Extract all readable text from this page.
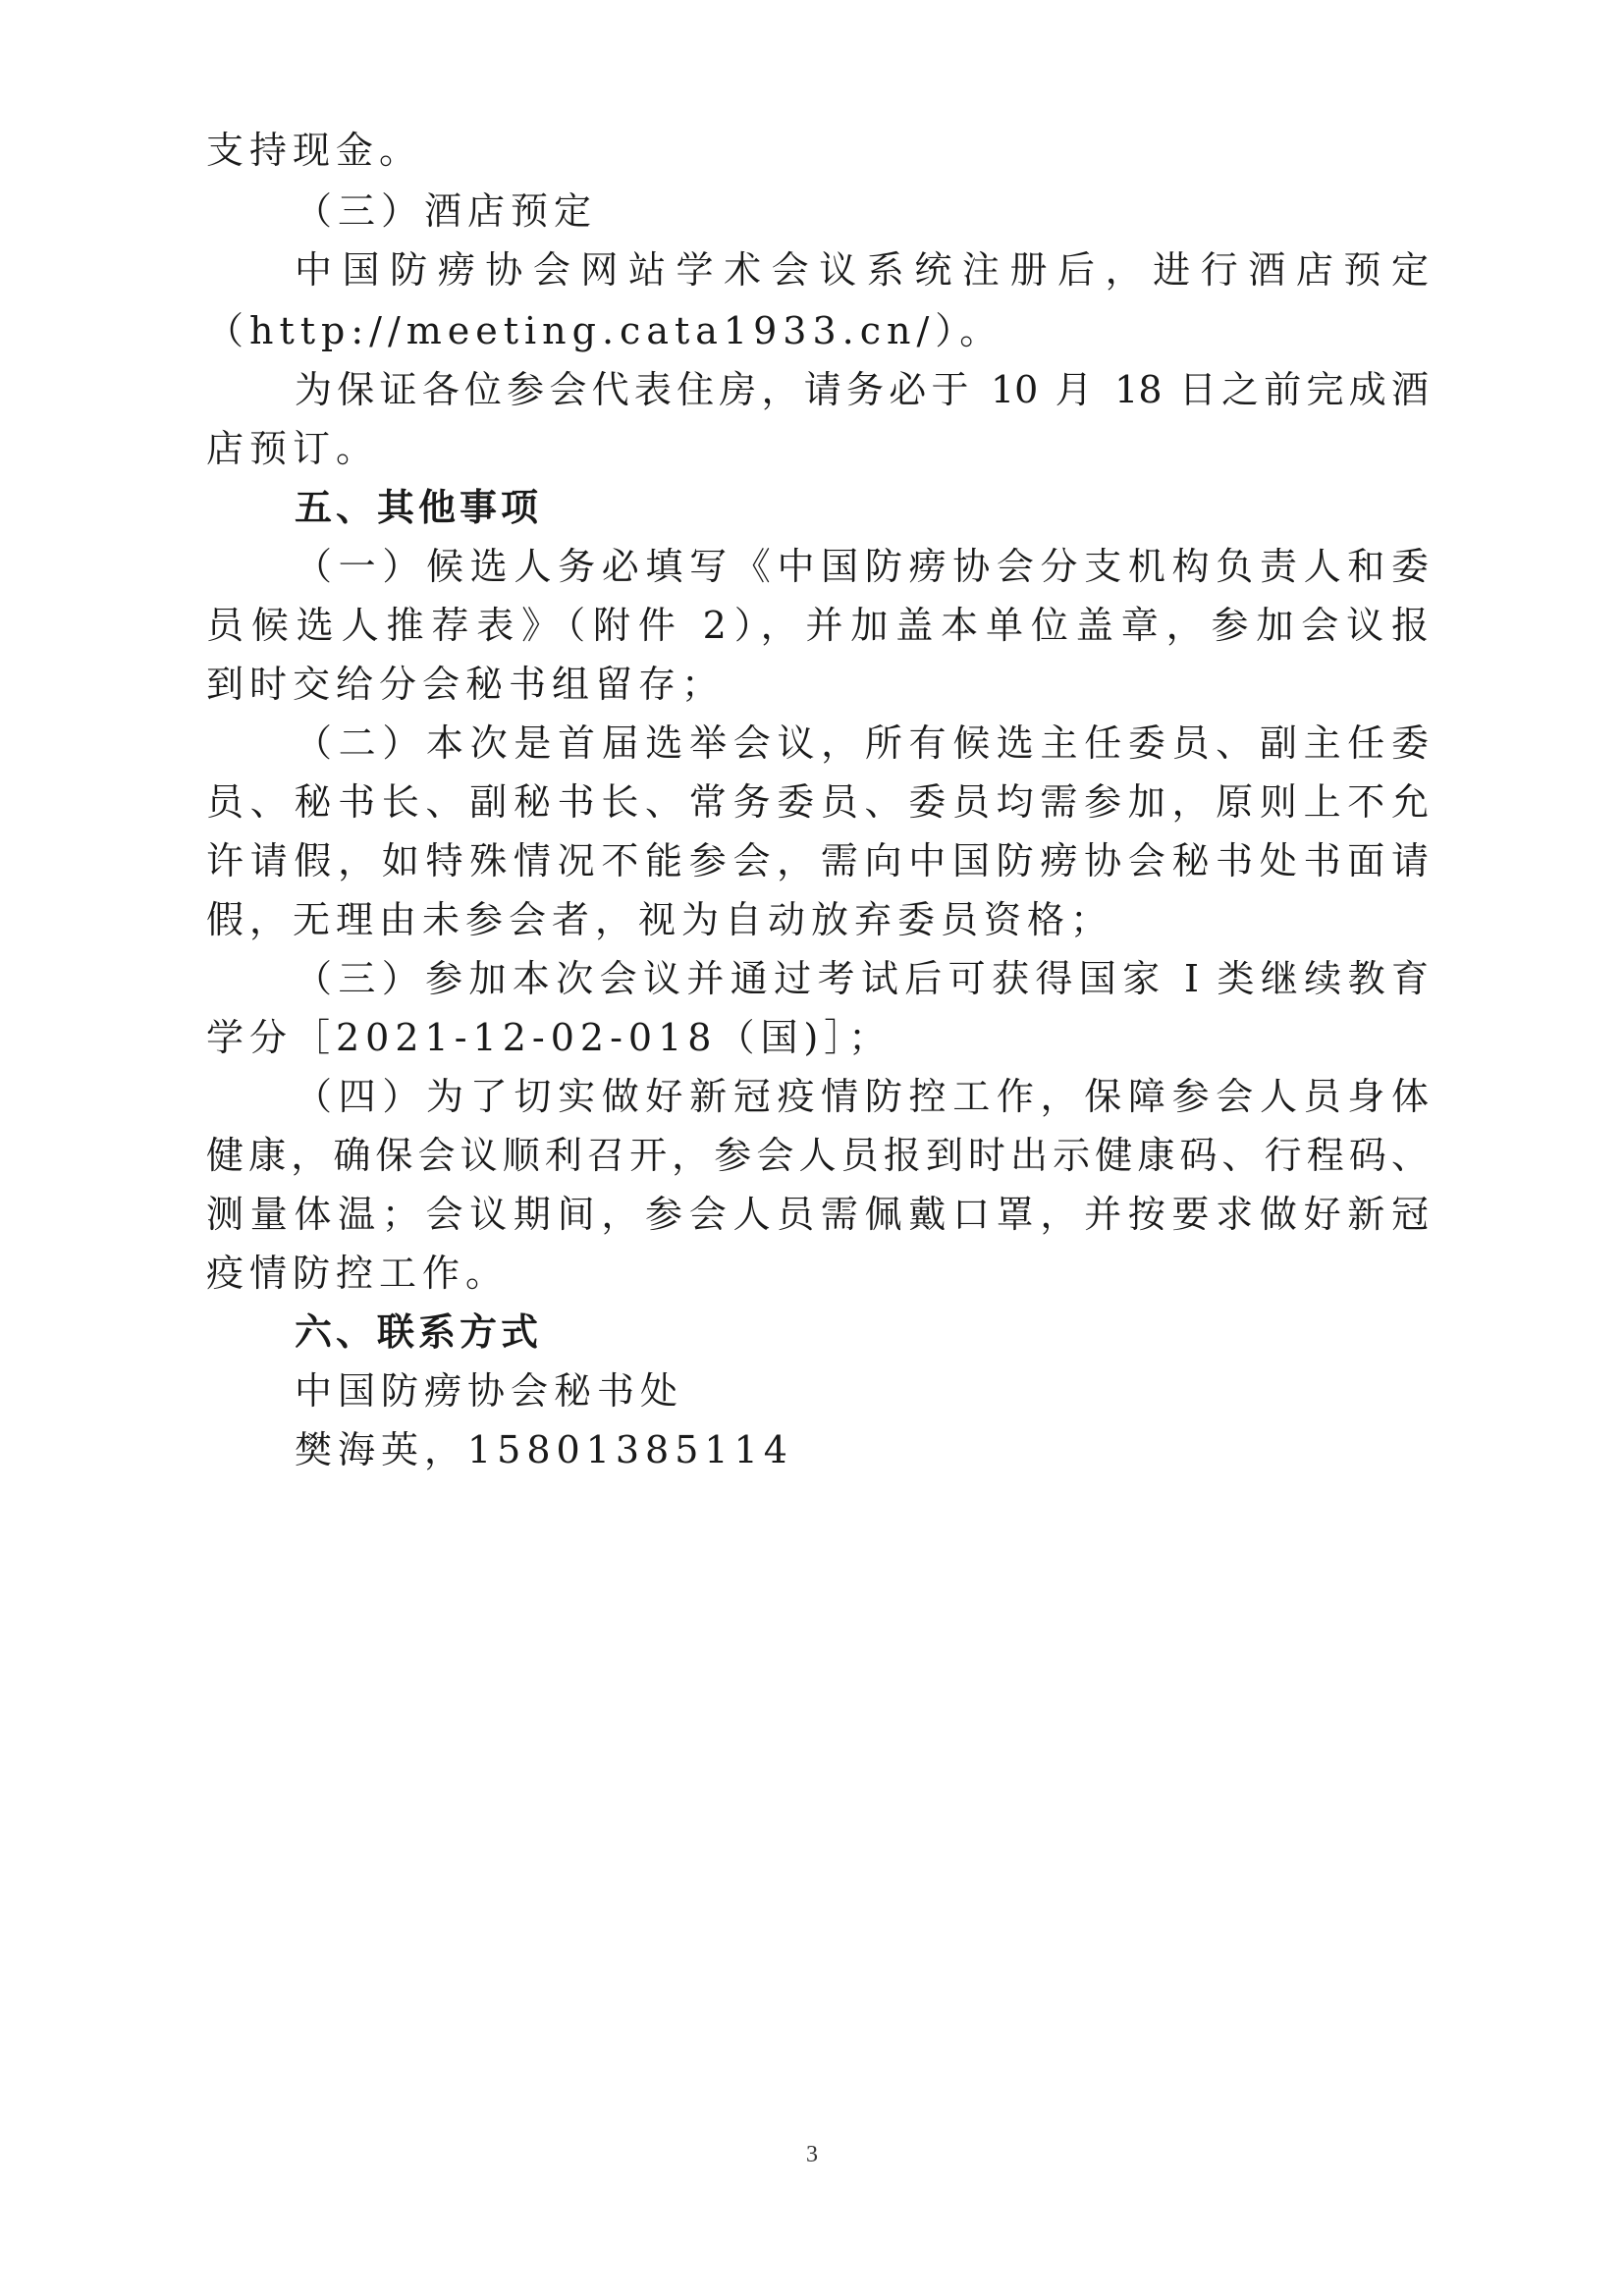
支持现金。
（三）酒店预定
中国防痨协会网站学术会议系统注册后，进行酒店预定
（http://meeting.cata1933.cn/）。
为保证各位参会代表住房，请务必于 10 月 18 日之前完成酒
店预订。
五、其他事项
（一）候选人务必填写《中国防痨协会分支机构负责人和委
员候选人推荐表》（附件 2），并加盖本单位盖章，参加会议报
到时交给分会秘书组留存；
（二）本次是首届选举会议，所有候选主任委员、副主任委
员、秘书长、副秘书长、常务委员、委员均需参加，原则上不允
许请假，如特殊情况不能参会，需向中国防痨协会秘书处书面请
假，无理由未参会者，视为自动放弃委员资格；
（三）参加本次会议并通过考试后可获得国家 I 类继续教育
学分［2021-12-02-018（国)］；
（四）为了切实做好新冠疫情防控工作，保障参会人员身体
健康，确保会议顺利召开，参会人员报到时出示健康码、行程码、
测量体温；会议期间，参会人员需佩戴口罩，并按要求做好新冠
疫情防控工作。
六、联系方式
中国防痨协会秘书处
樊海英，15801385114
3
